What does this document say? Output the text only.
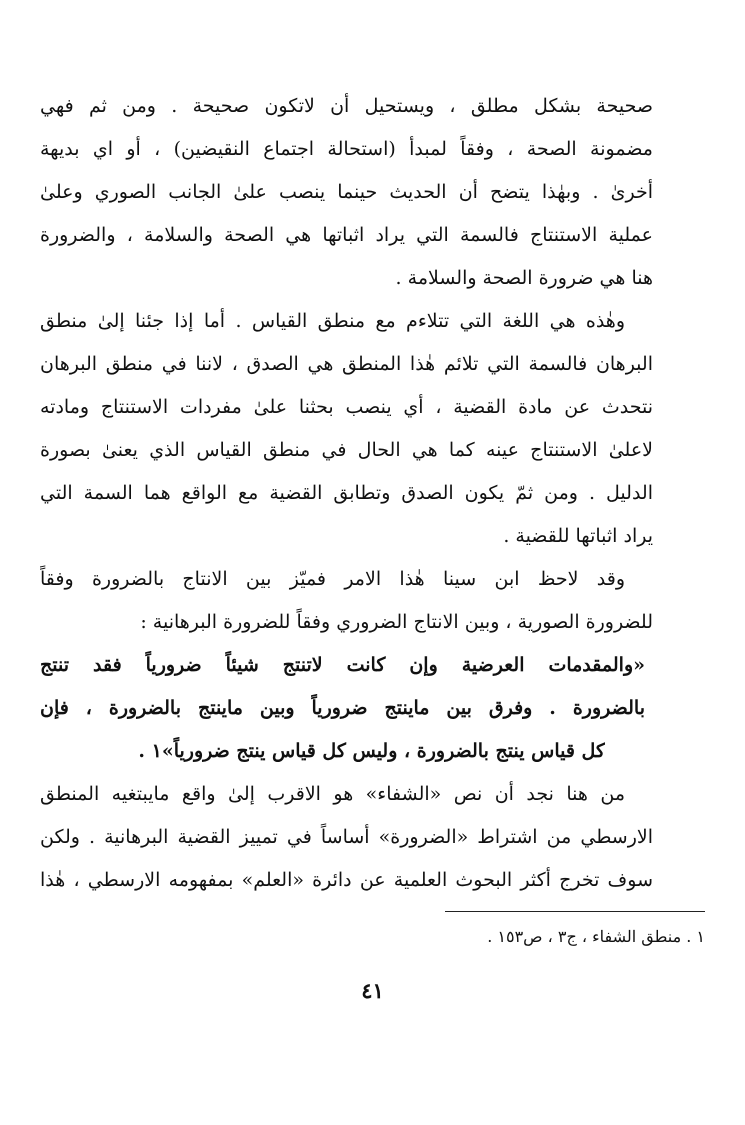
صحيحة بشكل مطلق ، ويستحيل أن لاتكون صحيحة . ومن ثم فهي
مضمونة الصحة ، وفقاً لمبدأ (استحالة اجتماع النقيضين) ، أو اي بديهة
أخرىٰ . وبهٰذا يتضح أن الحديث حينما ينصب علىٰ الجانب الصوري وعلىٰ
عملية الاستنتاج فالسمة التي يراد اثباتها هي الصحة والسلامة ، والضرورة
هنا هي ضرورة الصحة والسلامة .
وهٰذه هي اللغة التي تتلاءم مع منطق القياس . أما إذا جئنا إلىٰ منطق
البرهان فالسمة التي تلائم هٰذا المنطق هي الصدق ، لاننا في منطق البرهان
نتحدث عن مادة القضية ، أي ينصب بحثنا علىٰ مفردات الاستنتاج ومادته
لاعلىٰ الاستنتاج عينه كما هي الحال في منطق القياس الذي يعنىٰ بصورة
الدليل . ومن ثمّ يكون الصدق وتطابق القضية مع الواقع هما السمة التي
يراد اثباتها للقضية .
وقد لاحظ ابن سينا هٰذا الامر فميّز بين الانتاج بالضرورة وفقاً
للضرورة الصورية ، وبين الانتاج الضروري وفقاً للضرورة البرهانية :
«والمقدمات العرضية وإن كانت لاتنتج شيئاً ضرورياً فقد تنتج
بالضرورة . وفرق بين ماينتج ضرورياً وبين ماينتج بالضرورة ، فإن
كل قياس ينتج بالضرورة ، وليس كل قياس ينتج ضرورياً»١ .
من هنا نجد أن نص «الشفاء» هو الاقرب إلىٰ واقع مايبتغيه المنطق
الارسطي من اشتراط «الضرورة» أساساً في تمييز القضية البرهانية . ولكن
سوف تخرج أكثر البحوث العلمية عن دائرة «العلم» بمفهومه الارسطي ، هٰذا
١ . منطق الشفاء ، ج٣ ، ص١٥٣ .
٤١
